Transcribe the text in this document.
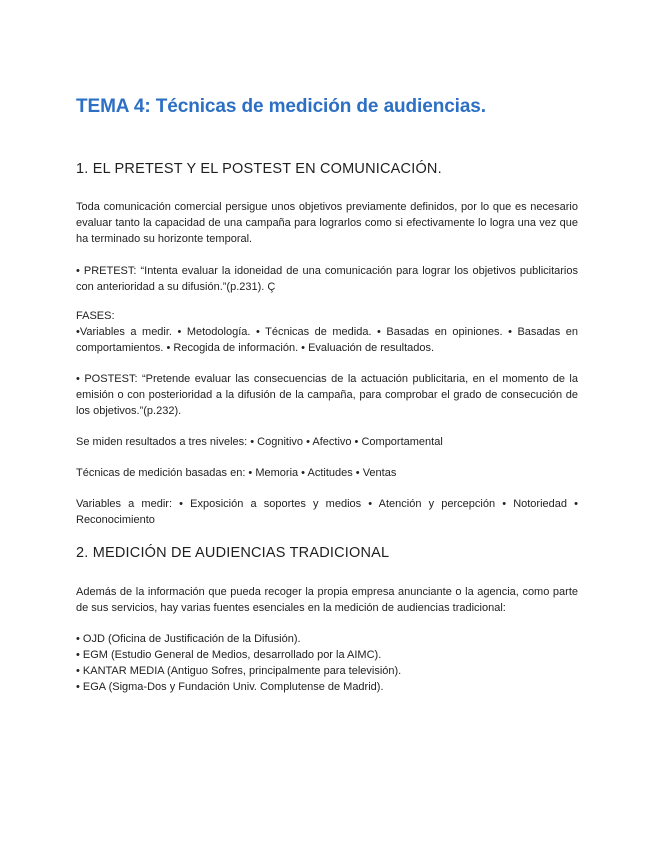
TEMA 4: Técnicas de medición de audiencias.
1. EL PRETEST Y EL POSTEST EN COMUNICACIÓN.

Toda comunicación comercial persigue unos objetivos previamente definidos, por lo que es necesario evaluar tanto la capacidad de una campaña para lograrlos como si efectivamente lo logra una vez que ha terminado su horizonte temporal.

• PRETEST: “Intenta evaluar la idoneidad de una comunicación para lograr los objetivos publicitarios con anterioridad a su difusión.”(p.231). Ç

FASES:

•Variables a medir. • Metodología. • Técnicas de medida. • Basadas en opiniones. • Basadas en comportamientos. • Recogida de información. • Evaluación de resultados.

• POSTEST: “Pretende evaluar las consecuencias de la actuación publicitaria, en el momento de la emisión o con posterioridad a la difusión de la campaña, para comprobar el grado de consecución de los objetivos.”(p.232).

Se miden resultados a tres niveles: • Cognitivo • Afectivo • Comportamental

Técnicas de medición basadas en: • Memoria • Actitudes • Ventas

Variables a medir: • Exposición a soportes y medios • Atención y percepción • Notoriedad • Reconocimiento

2. MEDICIÓN DE AUDIENCIAS TRADICIONAL

Además de la información que pueda recoger la propia empresa anunciante o la agencia, como parte de sus servicios, hay varias fuentes esenciales en la medición de audiencias tradicional:

• OJD (Oficina de Justificación de la Difusión).
• EGM (Estudio General de Medios, desarrollado por la AIMC).
• KANTAR MEDIA (Antiguo Sofres, principalmente para televisión).
• EGA (Sigma-Dos y Fundación Univ. Complutense de Madrid).
